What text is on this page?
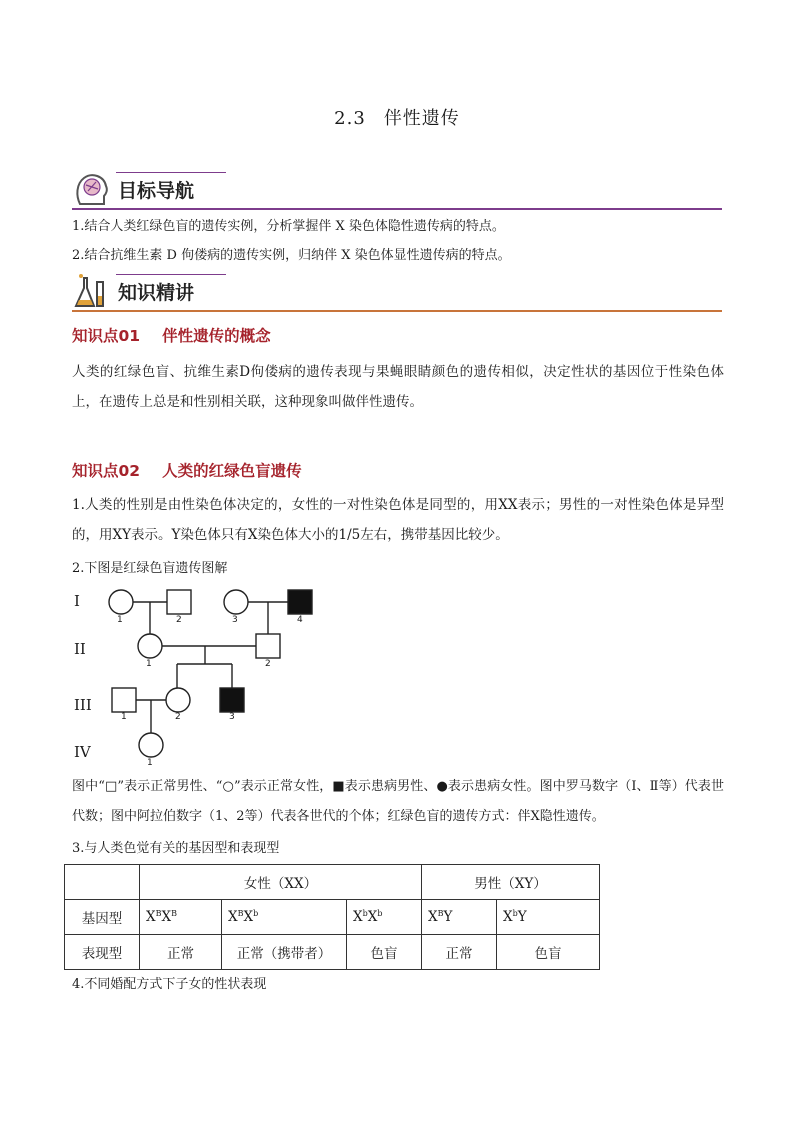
2.3 伴性遗传
目标导航
1.结合人类红绿色盲的遗传实例，分析掌握伴 X 染色体隐性遗传病的特点。
2.结合抗维生素 D 佝偻病的遗传实例，归纳伴 X 染色体显性遗传病的特点。
知识精讲
知识点01 伴性遗传的概念
人类的红绿色盲、抗维生素D佝偻病的遗传表现与果蝇眼睛颜色的遗传相似，决定性状的基因位于性染色体上，在遗传上总是和性别相关联，这种现象叫做伴性遗传。
知识点02 人类的红绿色盲遗传
1.人类的性别是由性染色体决定的，女性的一对性染色体是同型的，用XX表示；男性的一对性染色体是异型的，用XY表示。Y染色体只有X染色体大小的1/5左右，携带基因比较少。
2.下图是红绿色盲遗传图解
I
II
III
IV
1	2	3	4
1	2
1	2	3
1
图中“□”表示正常男性、“○”表示正常女性，■表示患病男性、●表示患病女性。图中罗马数字（Ⅰ、Ⅱ等）代表世代数；图中阿拉伯数字（1、2等）代表各世代的个体；红绿色盲的遗传方式：伴X隐性遗传。
3.与人类色觉有关的基因型和表现型
	女性（XX）			男性（XY）	
基因型	$X^BX^B$	$X^BX^b$	$X^bX^b$	$X^BY$	$X^bY$
表现型	正常	正常（携带者）	色盲	正常	色盲
4.不同婚配方式下子女的性状表现
